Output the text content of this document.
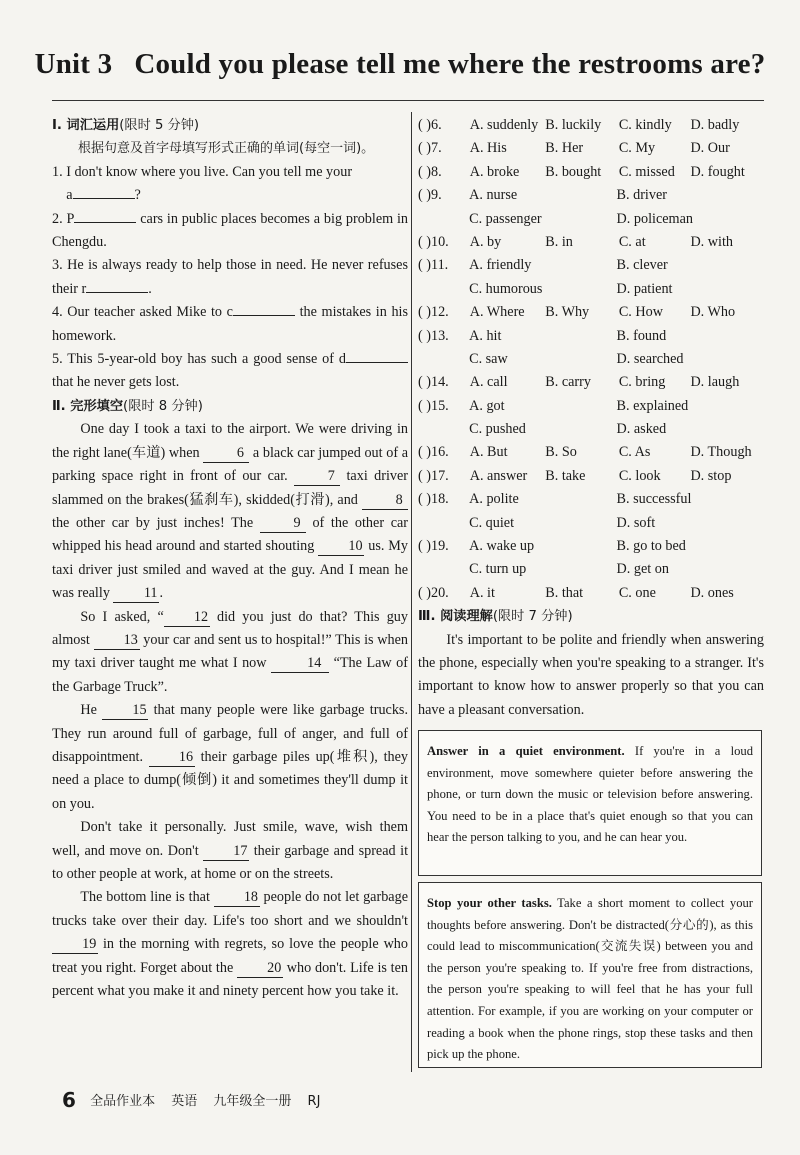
Unit 3 Could you please tell me where the restrooms are?
Ⅰ. 词汇运用(限时 5 分钟)
根据句意及首字母填写形式正确的单词(每空一词)。
1. I don't know where you live. Can you tell me your
a	?
2. P	cars in public places becomes a big problem in Chengdu.
3. He is always ready to help those in need. He never refuses their r	.
4. Our teacher asked Mike to c	the mistakes in his homework.
5. This 5-year-old boy has such a good sense of d that he never gets lost.
Ⅱ. 完形填空(限时 8 分钟)
One day I took a taxi to the airport. We were driving in the right lane(车道) when	6 a black car jumped out of a parking space right in front of our car.	7 taxi driver slammed on the brakes(猛刹车), skidded(打滑), and	8 the other car by just inches! The	9 of the other car whipped his head around and started shouting 10 us. My taxi driver just smiled and waved at the guy. And I mean he was really 11 .
So I asked, “ 12 did you just do that? This guy almost 13 your car and sent us to hospital!” This is when my taxi driver taught me what I now	14 “The Law of the Garbage Truck”.
He 15 that many people were like garbage trucks. They run around full of garbage, full of anger, and full of disappointment.	16 their garbage piles up(堆积), they need a place to dump(倾倒) it and sometimes they'll dump it on you.
Don't take it personally. Just smile, wave, wish them well, and move on. Don't 17 their garbage and spread it to other people at work, at home or on the streets.
The bottom line is that 18 people do not let garbage trucks take over their day. Life's too short and we shouldn't 19 in the morning with regrets, so love the people who treat you right. Forget about the 20 who don't. Life is ten percent what you make it and ninety percent how you take it.
( )6.	A. suddenly B. luckily	C. kindly	D. badly
( )7.	A. His	B. Her	C. My	D. Our
( )8.	A. broke	B. bought	C. missed	D. fought
( )9.	A. nurse	B. driver
C. passenger	D. policeman
( )10.	A. by	B. in	C. at	D. with
( )11.	A. friendly	B. clever
C. humorous	D. patient
( )12.	A. Where	B. Why	C. How	D. Who
( )13.	A. hit	B. found
C. saw	D. searched
( )14.	A. call	B. carry	C. bring	D. laugh
( )15.	A. got	B. explained
C. pushed	D. asked
( )16.	A. But	B. So	C. As	D. Though
( )17.	A. answer	B. take	C. look	D. stop
( )18.	A. polite	B. successful
C. quiet	D. soft
( )19.	A. wake up	B. go to bed
C. turn up	D. get on
( )20.	A. it	B. that	C. one	D. ones
Ⅲ. 阅读理解(限时 7 分钟)
It's important to be polite and friendly when answering the phone, especially when you're speaking to a stranger. It's important to know how to answer properly so that you can have a pleasant conversation.
Answer in a quiet environment. If you're in a loud environment, move somewhere quieter before answering the phone, or turn down the music or television before answering. You need to be in a place that's quiet enough so that you can hear the person talking to you, and he can hear you.
Stop your other tasks. Take a short moment to collect your thoughts before answering. Don't be distracted(分心的), as this could lead to miscommunication(交流失误) between you and the person you're speaking to. If you're free from distractions, the person you're speaking to will feel that he has your full attention. For example, if you are working on your computer or reading a book when the phone rings, stop these tasks and then pick up the phone.
6 全品作业本 英语 九年级全一册 RJ
